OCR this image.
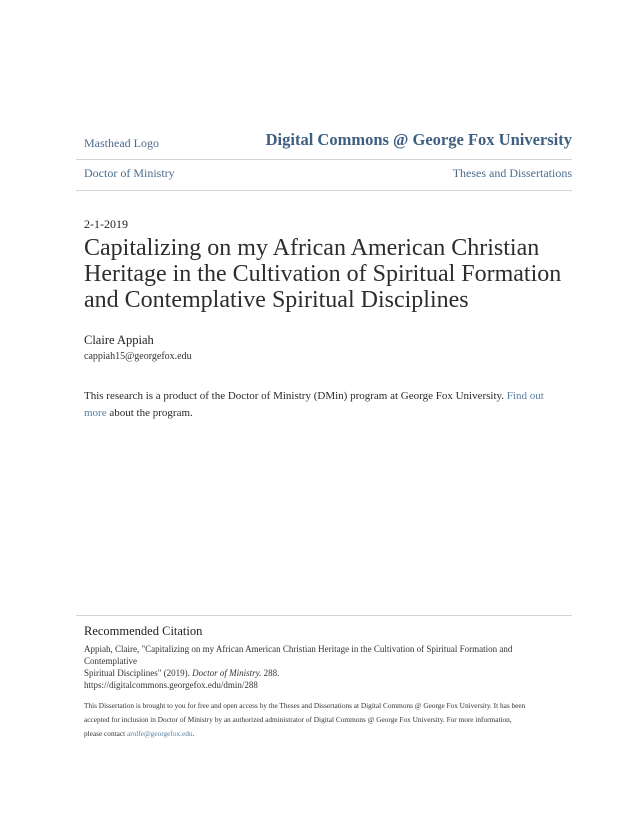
Masthead Logo	Digital Commons @ George Fox University
Doctor of Ministry	Theses and Dissertations
2-1-2019
Capitalizing on my African American Christian
Heritage in the Cultivation of Spiritual Formation
and Contemplative Spiritual Disciplines
Claire Appiah
cappiah15@georgefox.edu
This research is a product of the Doctor of Ministry (DMin) program at George Fox University. Find out more about the program.
Recommended Citation
Appiah, Claire, "Capitalizing on my African American Christian Heritage in the Cultivation of Spiritual Formation and Contemplative
Spiritual Disciplines" (2019). Doctor of Ministry. 288.
https://digitalcommons.georgefox.edu/dmin/288
This Dissertation is brought to you for free and open access by the Theses and Dissertations at Digital Commons @ George Fox University. It has been
accepted for inclusion in Doctor of Ministry by an authorized administrator of Digital Commons @ George Fox University. For more information,
please contact arolfe@georgefox.edu.
